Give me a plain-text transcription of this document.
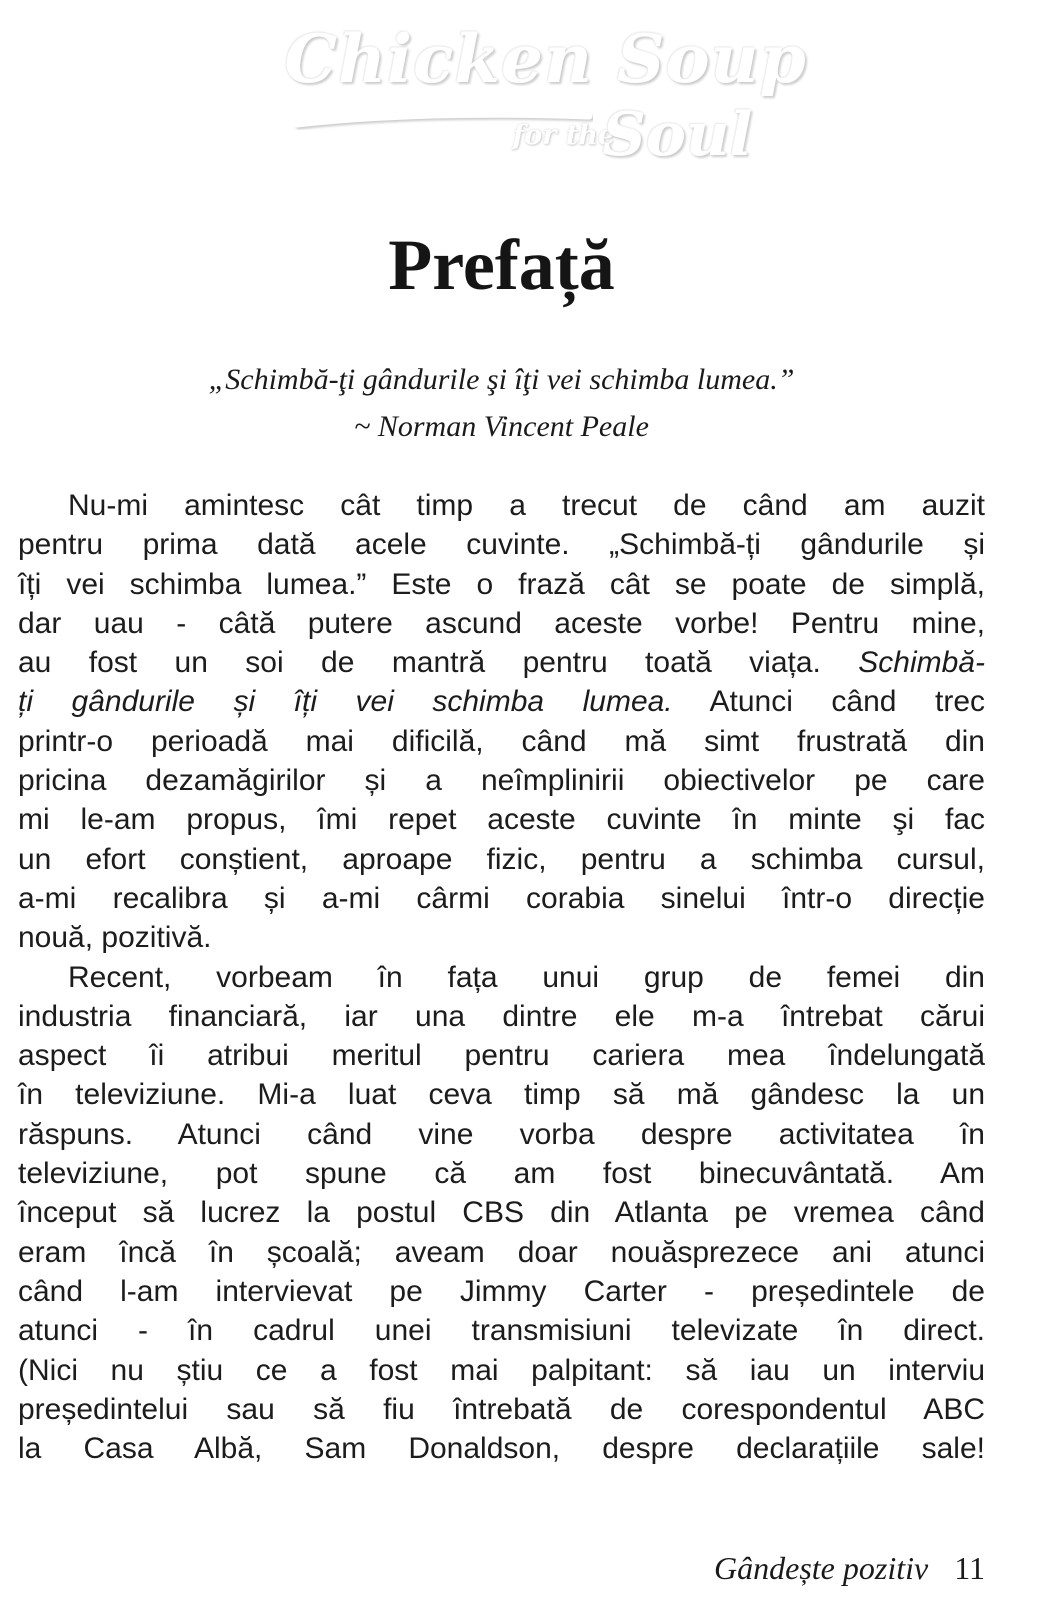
Chicken Soup
for the
Soul
Prefață
„Schimbă-ţi gândurile şi îţi vei schimba lumea.”
~ Norman Vincent Peale
Nu-mi amintesc cât timp a trecut de când am auzit
pentru prima dată acele cuvinte. „Schimbă-ți gândurile și
îți vei schimba lumea.” Este o frază cât se poate de simplă,
dar uau - câtă putere ascund aceste vorbe! Pentru mine,
au fost un soi de mantră pentru toată viața. Schimbă-
ți gândurile și îți vei schimba lumea. Atunci când trec
printr-o perioadă mai dificilă, când mă simt frustrată din
pricina dezamăgirilor și a neîmplinirii obiectivelor pe care
mi le-am propus, îmi repet aceste cuvinte în minte şi fac
un efort conștient, aproape fizic, pentru a schimba cursul,
a-mi recalibra și a-mi cârmi corabia sinelui într-o direcție
nouă, pozitivă.
Recent, vorbeam în fața unui grup de femei din
industria financiară, iar una dintre ele m-a întrebat cărui
aspect îi atribui meritul pentru cariera mea îndelungată
în televiziune. Mi-a luat ceva timp să mă gândesc la un
răspuns. Atunci când vine vorba despre activitatea în
televiziune, pot spune că am fost binecuvântată. Am
început să lucrez la postul CBS din Atlanta pe vremea când
eram încă în școală; aveam doar nouăsprezece ani atunci
când l-am intervievat pe Jimmy Carter - președintele de
atunci - în cadrul unei transmisiuni televizate în direct.
(Nici nu știu ce a fost mai palpitant: să iau un interviu
președintelui sau să fiu întrebată de corespondentul ABC
la Casa Albă, Sam Donaldson, despre declarațiile sale!
Gândește pozitiv 11
